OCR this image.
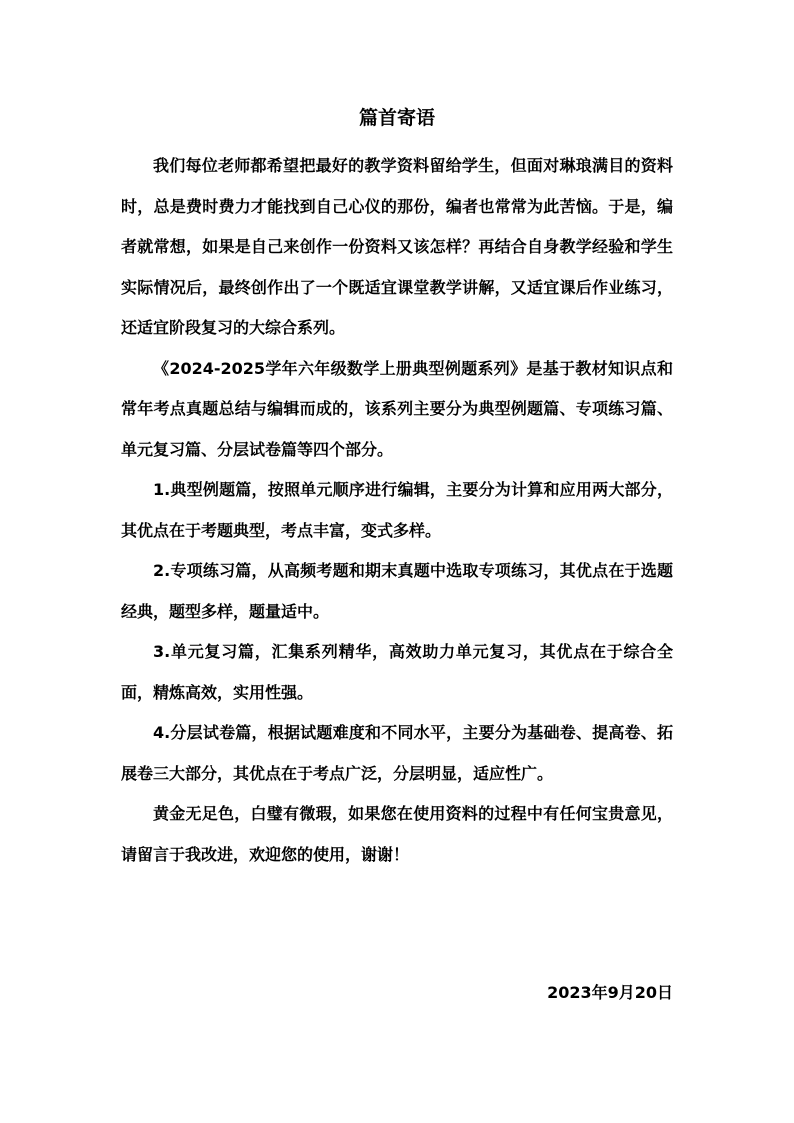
篇首寄语

我们每位老师都希望把最好的教学资料留给学生，但面对琳琅满目的资料时，总是费时费力才能找到自己心仪的那份，编者也常常为此苦恼。于是，编者就常想，如果是自己来创作一份资料又该怎样？再结合自身教学经验和学生实际情况后，最终创作出了一个既适宜课堂教学讲解，又适宜课后作业练习，还适宜阶段复习的大综合系列。

《2024-2025学年六年级数学上册典型例题系列》是基于教材知识点和常年考点真题总结与编辑而成的，该系列主要分为典型例题篇、专项练习篇、单元复习篇、分层试卷篇等四个部分。

1.典型例题篇，按照单元顺序进行编辑，主要分为计算和应用两大部分，其优点在于考题典型，考点丰富，变式多样。

2.专项练习篇，从高频考题和期末真题中选取专项练习，其优点在于选题经典，题型多样，题量适中。

3.单元复习篇，汇集系列精华，高效助力单元复习，其优点在于综合全面，精炼高效，实用性强。

4.分层试卷篇，根据试题难度和不同水平，主要分为基础卷、提高卷、拓展卷三大部分，其优点在于考点广泛，分层明显，适应性广。

黄金无足色，白璧有微瑕，如果您在使用资料的过程中有任何宝贵意见，请留言于我改进，欢迎您的使用，谢谢！

2023年9月20日
